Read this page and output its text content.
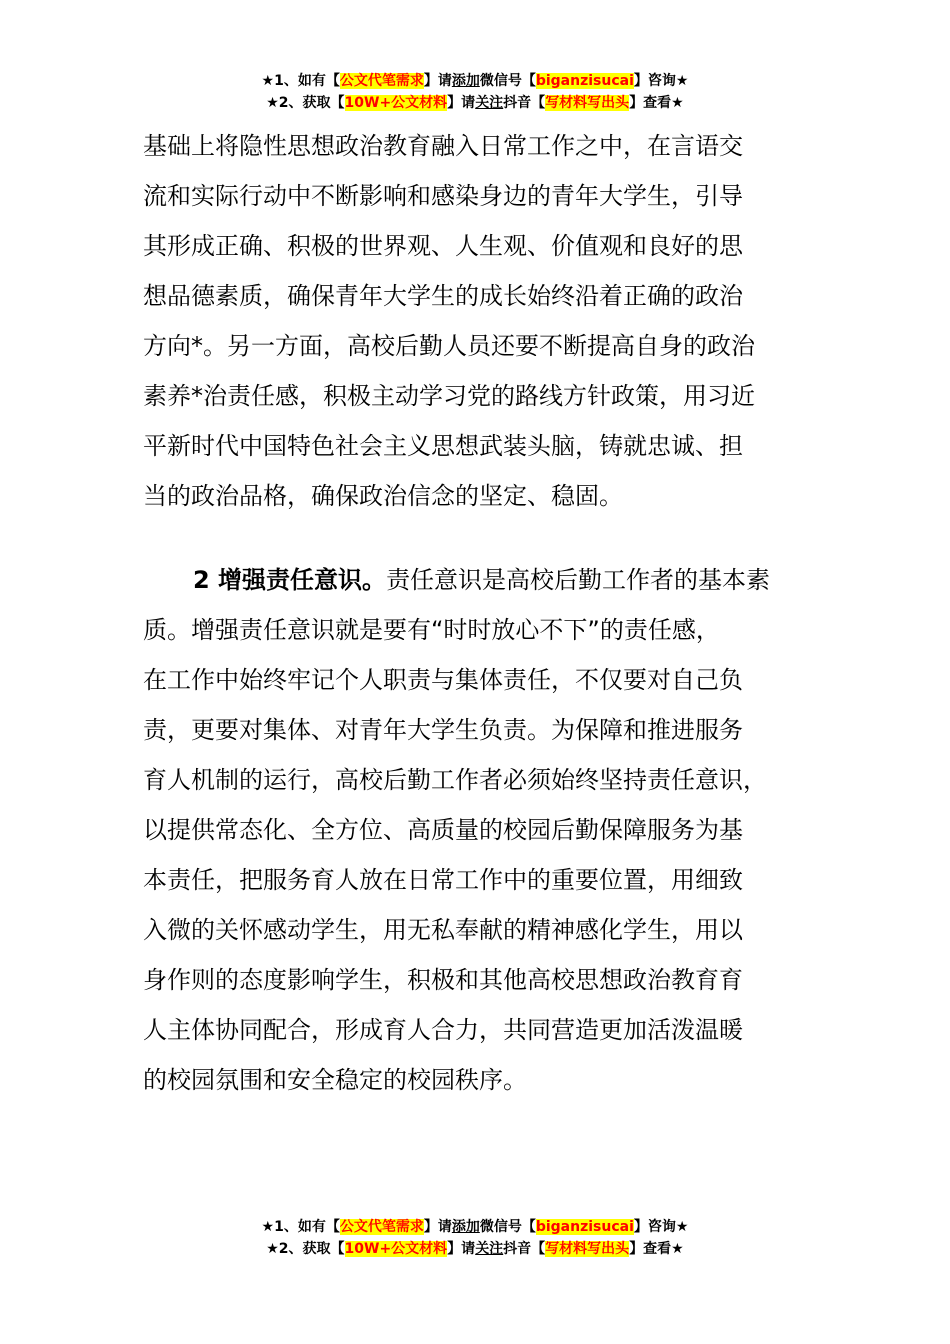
★1、如有【公文代笔需求】请添加微信号【biganzisucai】咨询★
★2、获取【10W+公文材料】请关注抖音【写材料写出头】查看★
基础上将隐性思想政治教育融入日常工作之中，在言语交
流和实际行动中不断影响和感染身边的青年大学生，引导
其形成正确、积极的世界观、人生观、价值观和良好的思
想品德素质，确保青年大学生的成长始终沿着正确的政治
方向*。另一方面，高校后勤人员还要不断提高自身的政治
素养*治责任感，积极主动学习党的路线方针政策，用习近
平新时代中国特色社会主义思想武装头脑，铸就忠诚、担
当的政治品格，确保政治信念的坚定、稳固。
2 增强责任意识。责任意识是高校后勤工作者的基本素
质。增强责任意识就是要有“时时放心不下”的责任感，
在工作中始终牢记个人职责与集体责任，不仅要对自己负
责，更要对集体、对青年大学生负责。为保障和推进服务
育人机制的运行，高校后勤工作者必须始终坚持责任意识，
以提供常态化、全方位、高质量的校园后勤保障服务为基
本责任，把服务育人放在日常工作中的重要位置，用细致
入微的关怀感动学生，用无私奉献的精神感化学生，用以
身作则的态度影响学生，积极和其他高校思想政治教育育
人主体协同配合，形成育人合力，共同营造更加活泼温暖
的校园氛围和安全稳定的校园秩序。
★1、如有【公文代笔需求】请添加微信号【biganzisucai】咨询★
★2、获取【10W+公文材料】请关注抖音【写材料写出头】查看★
